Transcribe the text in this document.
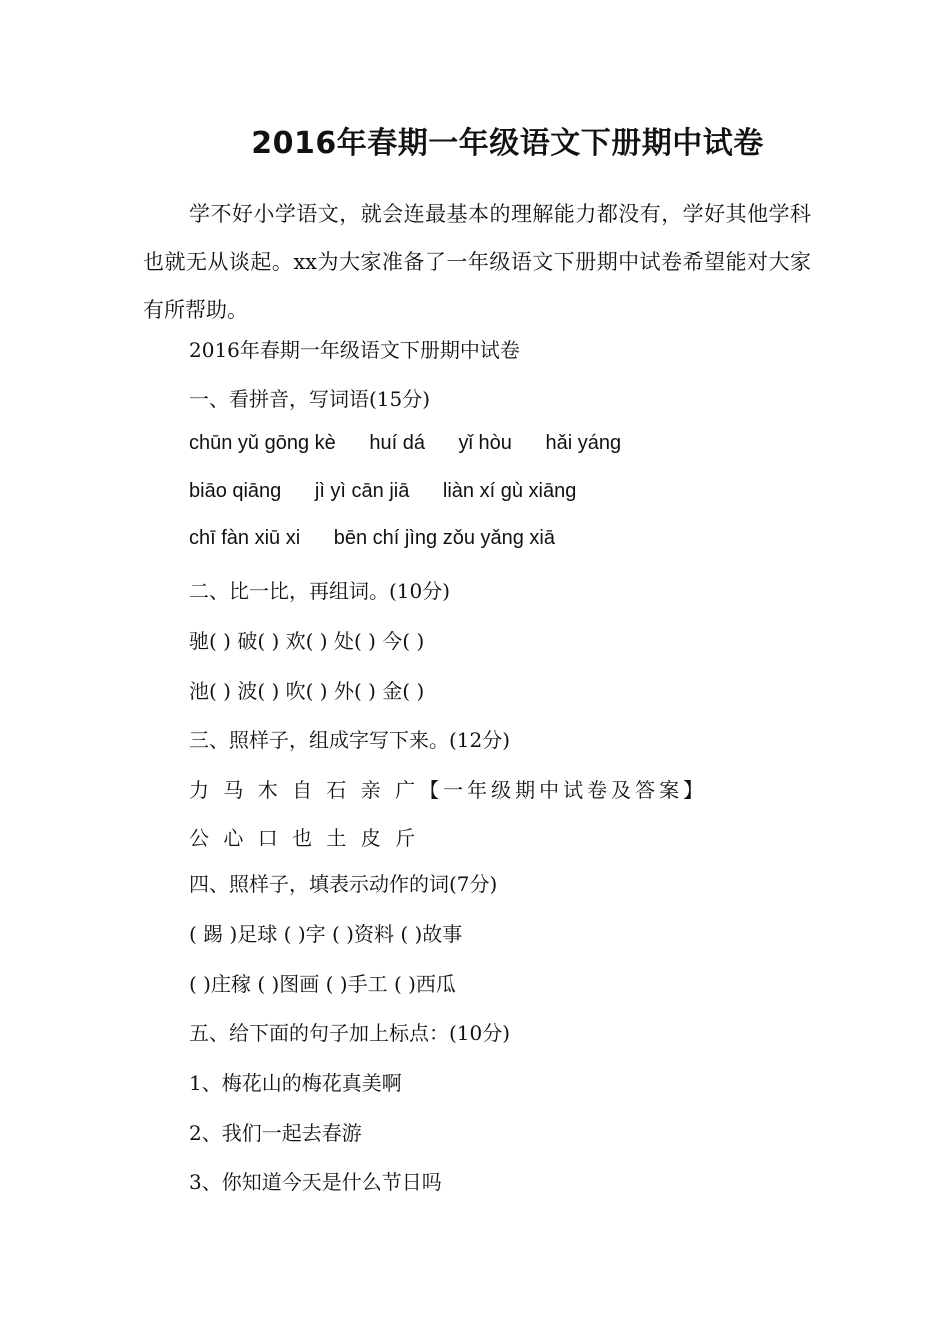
2016年春期一年级语文下册期中试卷
学不好小学语文，就会连最基本的理解能力都没有，学好其他学科也就无从谈起。xx为大家准备了一年级语文下册期中试卷希望能对大家有所帮助。
2016年春期一年级语文下册期中试卷
一、看拼音，写词语(15分)
chūn yǔ gōng kè huí dá yǐ hòu hǎi yáng
biāo qiāng jì yì cān jiā liàn xí gù xiāng
chī fàn xiū xi bēn chí jìng zǒu yǎng xiā
二、比一比，再组词。(10分)
驰( ) 破( ) 欢( ) 处( ) 今( )
池( ) 波( ) 吹( ) 外( ) 金( )
三、照样子，组成字写下来。(12分)
力 马 木 自 石 亲 广【一年级期中试卷及答案】
公 心 口 也 土 皮 斤
四、照样子，填表示动作的词(7分)
( 踢 )足球 ( )字 ( )资料 ( )故事
( )庄稼 ( )图画 ( )手工 ( )西瓜
五、给下面的句子加上标点：(10分)
1、梅花山的梅花真美啊
2、我们一起去春游
3、你知道今天是什么节日吗
